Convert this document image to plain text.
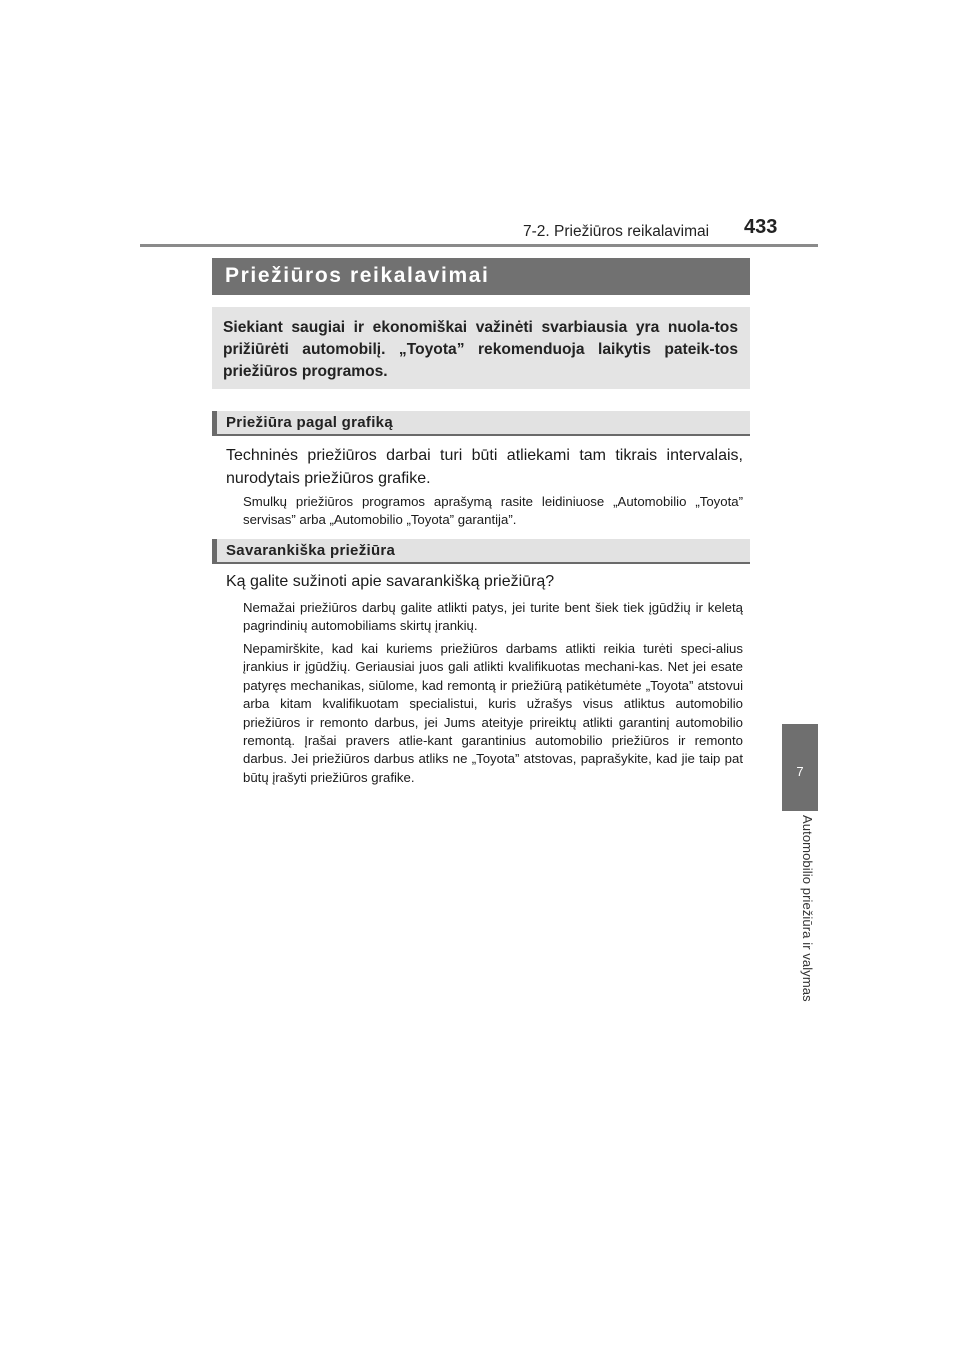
7-2. Priežiūros reikalavimai 433
7
Automobilio priežiūra ir valymas
Priežiūros reikalavimai

Siekiant saugiai ir ekonomiškai važinėti svarbiausia yra nuola-tos prižiūrėti automobilį. „Toyota” rekomenduoja laikytis pateik-tos priežiūros programos.

Priežiūra pagal grafiką

Techninės priežiūros darbai turi būti atliekami tam tikrais intervalais, nurodytais priežiūros grafike.

Smulkų priežiūros programos aprašymą rasite leidiniuose „Automobilio „Toyota” servisas” arba „Automobilio „Toyota” garantija”.

Savarankiška priežiūra

Ką galite sužinoti apie savarankišką priežiūrą?

Nemažai priežiūros darbų galite atlikti patys, jei turite bent šiek tiek įgūdžių ir keletą pagrindinių automobiliams skirtų įrankių.

Nepamirškite, kad kai kuriems priežiūros darbams atlikti reikia turėti speci-alius įrankius ir įgūdžių. Geriausiai juos gali atlikti kvalifikuotas mechani-kas. Net jei esate patyręs mechanikas, siūlome, kad remontą ir priežiūrą patikėtumėte „Toyota” atstovui arba kitam kvalifikuotam specialistui, kuris užrašys visus atliktus automobilio priežiūros ir remonto darbus, jei Jums ateityje prireiktų atlikti garantinį automobilio remontą. Įrašai pravers atlie-kant garantinius automobilio priežiūros ir remonto darbus. Jei priežiūros darbus atliks ne „Toyota” atstovas, paprašykite, kad jie taip pat būtų įrašyti priežiūros grafike.
